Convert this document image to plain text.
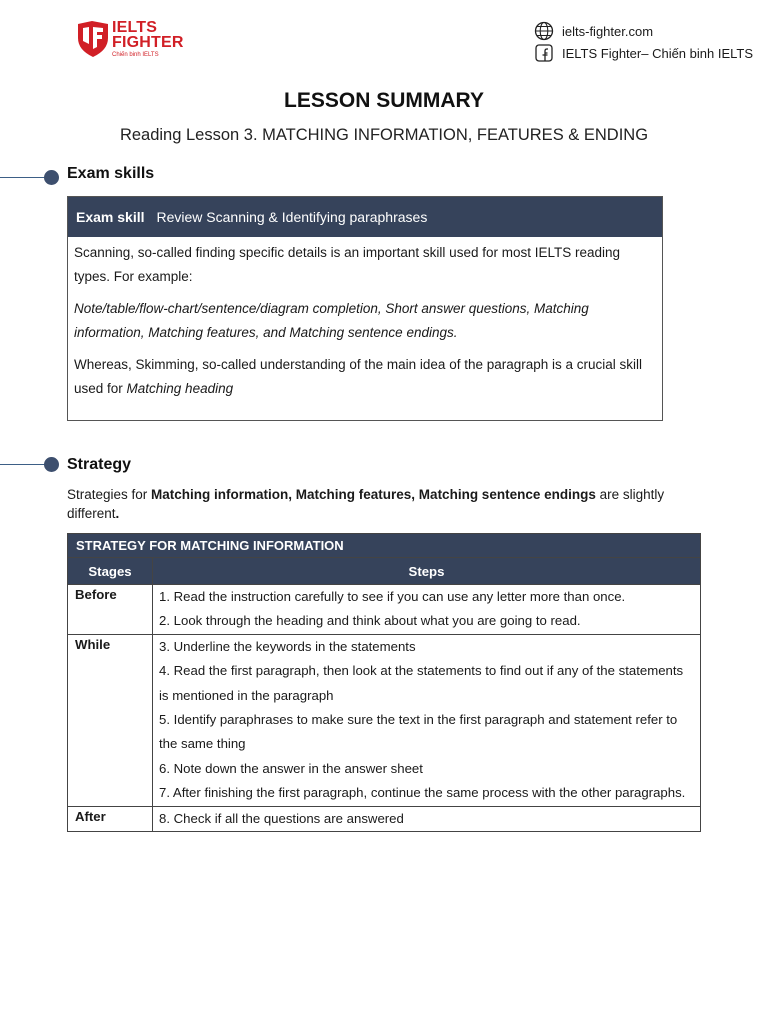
IELTS
FIGHTER
Chiến binh IELTS
ielts-fighter.com
IELTS Fighter– Chiến binh IELTS
LESSON SUMMARY
Reading Lesson 3. MATCHING INFORMATION, FEATURES & ENDING
Exam skills
Exam skill Review Scanning & Identifying paraphrases

Scanning, so-called finding specific details is an important skill used for most IELTS reading types. For example:

Note/table/flow-chart/sentence/diagram completion, Short answer questions, Matching information, Matching features, and Matching sentence endings.

Whereas, Skimming, so-called understanding of the main idea of the paragraph is a crucial skill used for Matching heading

Strategy
Strategies for Matching information, Matching features, Matching sentence endings are slightly different.
STRATEGY FOR MATCHING INFORMATION	
Stages	Steps
Before	1. Read the instruction carefully to see if you can use any letter more than once.
2. Look through the heading and think about what you are going to read.

While	3. Underline the keywords in the statements
4. Read the first paragraph, then look at the statements to find out if any of the statements is mentioned in the paragraph
5. Identify paraphrases to make sure the text in the first paragraph and statement refer to the same thing
6. Note down the answer in the answer sheet
7. After finishing the first paragraph, continue the same process with the other paragraphs.

After	8. Check if all the questions are answered
